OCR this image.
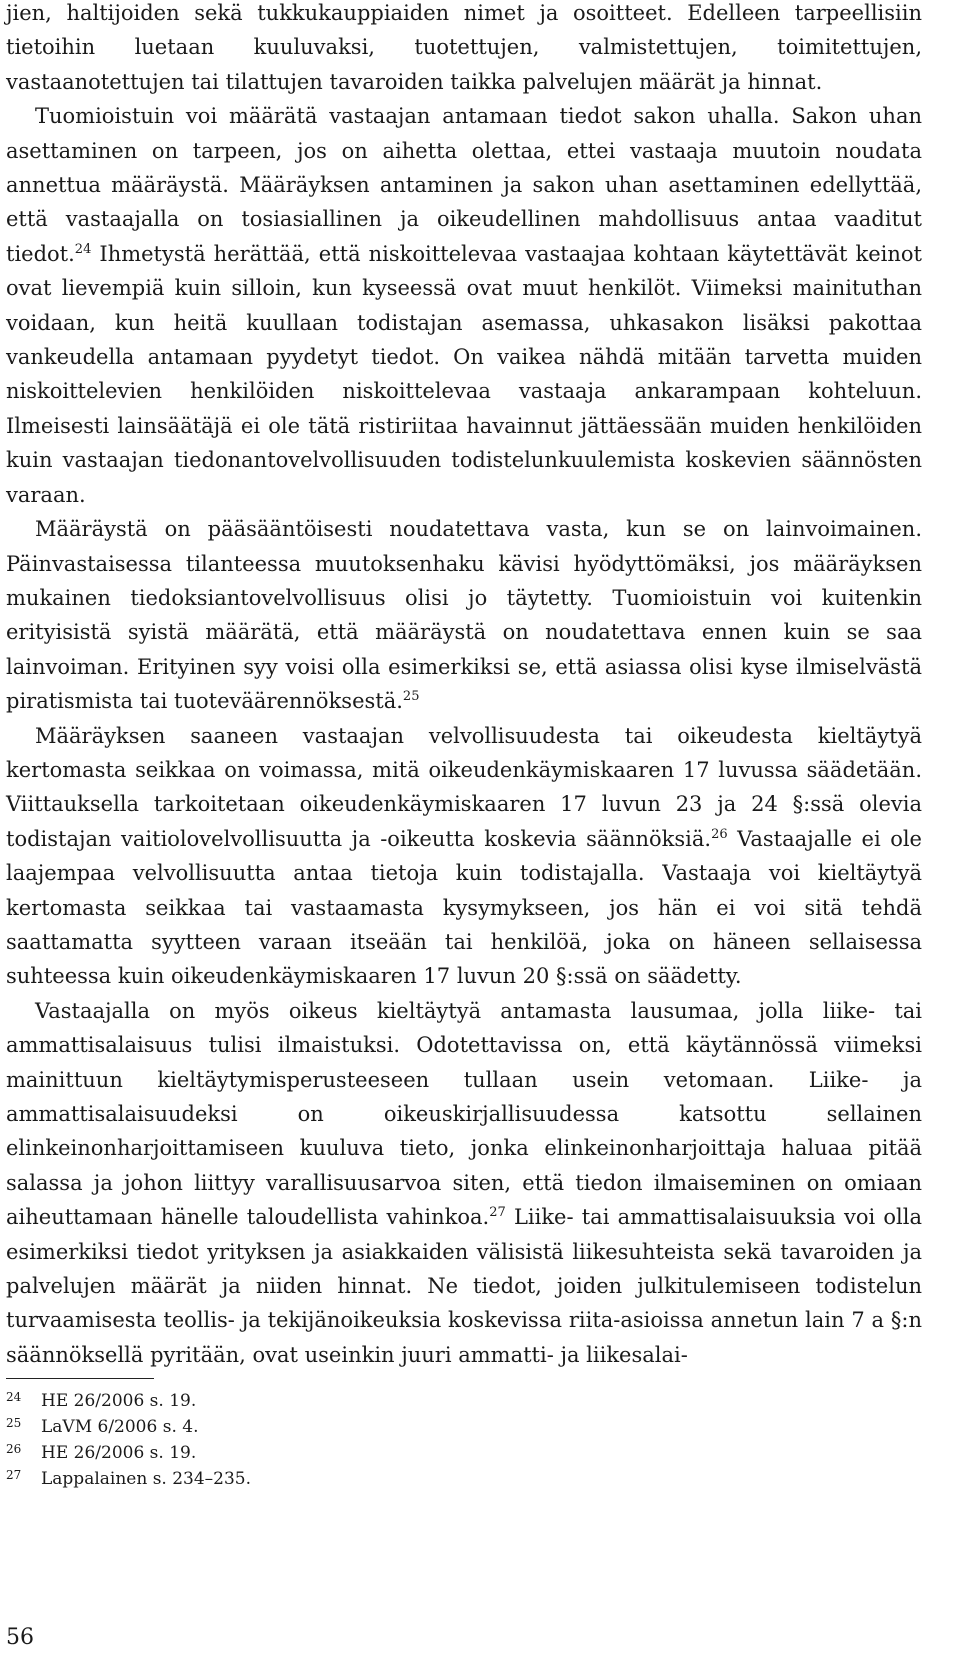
jien, haltijoiden sekä tukkukauppiaiden nimet ja osoitteet. Edelleen tarpeellisiin tietoihin luetaan kuuluvaksi, tuotettujen, valmistettujen, toimitettujen, vastaanotettujen tai tilattujen tavaroiden taikka palvelujen määrät ja hinnat.

Tuomioistuin voi määrätä vastaajan antamaan tiedot sakon uhalla. Sakon uhan asettaminen on tarpeen, jos on aihetta olettaa, ettei vastaaja muutoin noudata annettua määräystä. Määräyksen antaminen ja sakon uhan asettaminen edellyttää, että vastaajalla on tosiasiallinen ja oikeudellinen mahdollisuus antaa vaaditut tiedot.$^{24}$ Ihmetystä herättää, että niskoittelevaa vastaajaa kohtaan käytettävät keinot ovat lievempiä kuin silloin, kun kyseessä ovat muut henkilöt. Viimeksi mainituthan voidaan, kun heitä kuullaan todistajan asemassa, uhkasakon lisäksi pakottaa vankeudella antamaan pyydetyt tiedot. On vaikea nähdä mitään tarvetta muiden niskoittelevien henkilöiden niskoittelevaa vastaaja ankarampaan kohteluun. Ilmeisesti lainsäätäjä ei ole tätä ristiriitaa havainnut jättäessään muiden henkilöiden kuin vastaajan tiedonantovelvollisuuden todistelunkuulemista koskevien säännösten varaan.

Määräystä on pääsääntöisesti noudatettava vasta, kun se on lainvoimainen. Päinvastaisessa tilanteessa muutoksenhaku kävisi hyödyttömäksi, jos määräyksen mukainen tiedoksiantovelvollisuus olisi jo täytetty. Tuomioistuin voi kuitenkin erityisistä syistä määrätä, että määräystä on noudatettava ennen kuin se saa lainvoiman. Erityinen syy voisi olla esimerkiksi se, että asiassa olisi kyse ilmiselvästä piratismista tai tuoteväärennöksestä.$^{25}$

Määräyksen saaneen vastaajan velvollisuudesta tai oikeudesta kieltäytyä kertomasta seikkaa on voimassa, mitä oikeudenkäymiskaaren 17 luvussa säädetään. Viittauksella tarkoitetaan oikeudenkäymiskaaren 17 luvun 23 ja 24 §:ssä olevia todistajan vaitiolovelvollisuutta ja -oikeutta koskevia säännöksiä.$^{26}$ Vastaajalle ei ole laajempaa velvollisuutta antaa tietoja kuin todistajalla. Vastaaja voi kieltäytyä kertomasta seikkaa tai vastaamasta kysymykseen, jos hän ei voi sitä tehdä saattamatta syytteen varaan itseään tai henkilöä, joka on häneen sellaisessa suhteessa kuin oikeudenkäymiskaaren 17 luvun 20 §:ssä on säädetty.

Vastaajalla on myös oikeus kieltäytyä antamasta lausumaa, jolla liike- tai ammattisalaisuus tulisi ilmaistuksi. Odotettavissa on, että käytännössä viimeksi mainittuun kieltäytymisperusteeseen tullaan usein vetomaan. Liike- ja ammattisalaisuudeksi on oikeuskirjallisuudessa katsottu sellainen elinkeinonharjoittamiseen kuuluva tieto, jonka elinkeinonharjoittaja haluaa pitää salassa ja johon liittyy varallisuusarvoa siten, että tiedon ilmaiseminen on omiaan aiheuttamaan hänelle taloudellista vahinkoa.$^{27}$ Liike- tai ammattisalaisuuksia voi olla esimerkiksi tiedot yrityksen ja asiakkaiden välisistä liikesuhteista sekä tavaroiden ja palvelujen määrät ja niiden hinnat. Ne tiedot, joiden julkitulemiseen todistelun turvaamisesta teollis- ja tekijänoikeuksia koskevissa riita-asioissa annetun lain 7 a §:n säännöksellä pyritään, ovat useinkin juuri ammatti- ja liikesalai-

24	HE 26/2006 s. 19.
25	LaVM 6/2006 s. 4.
26	HE 26/2006 s. 19.
27	Lappalainen s. 234–235.
56
